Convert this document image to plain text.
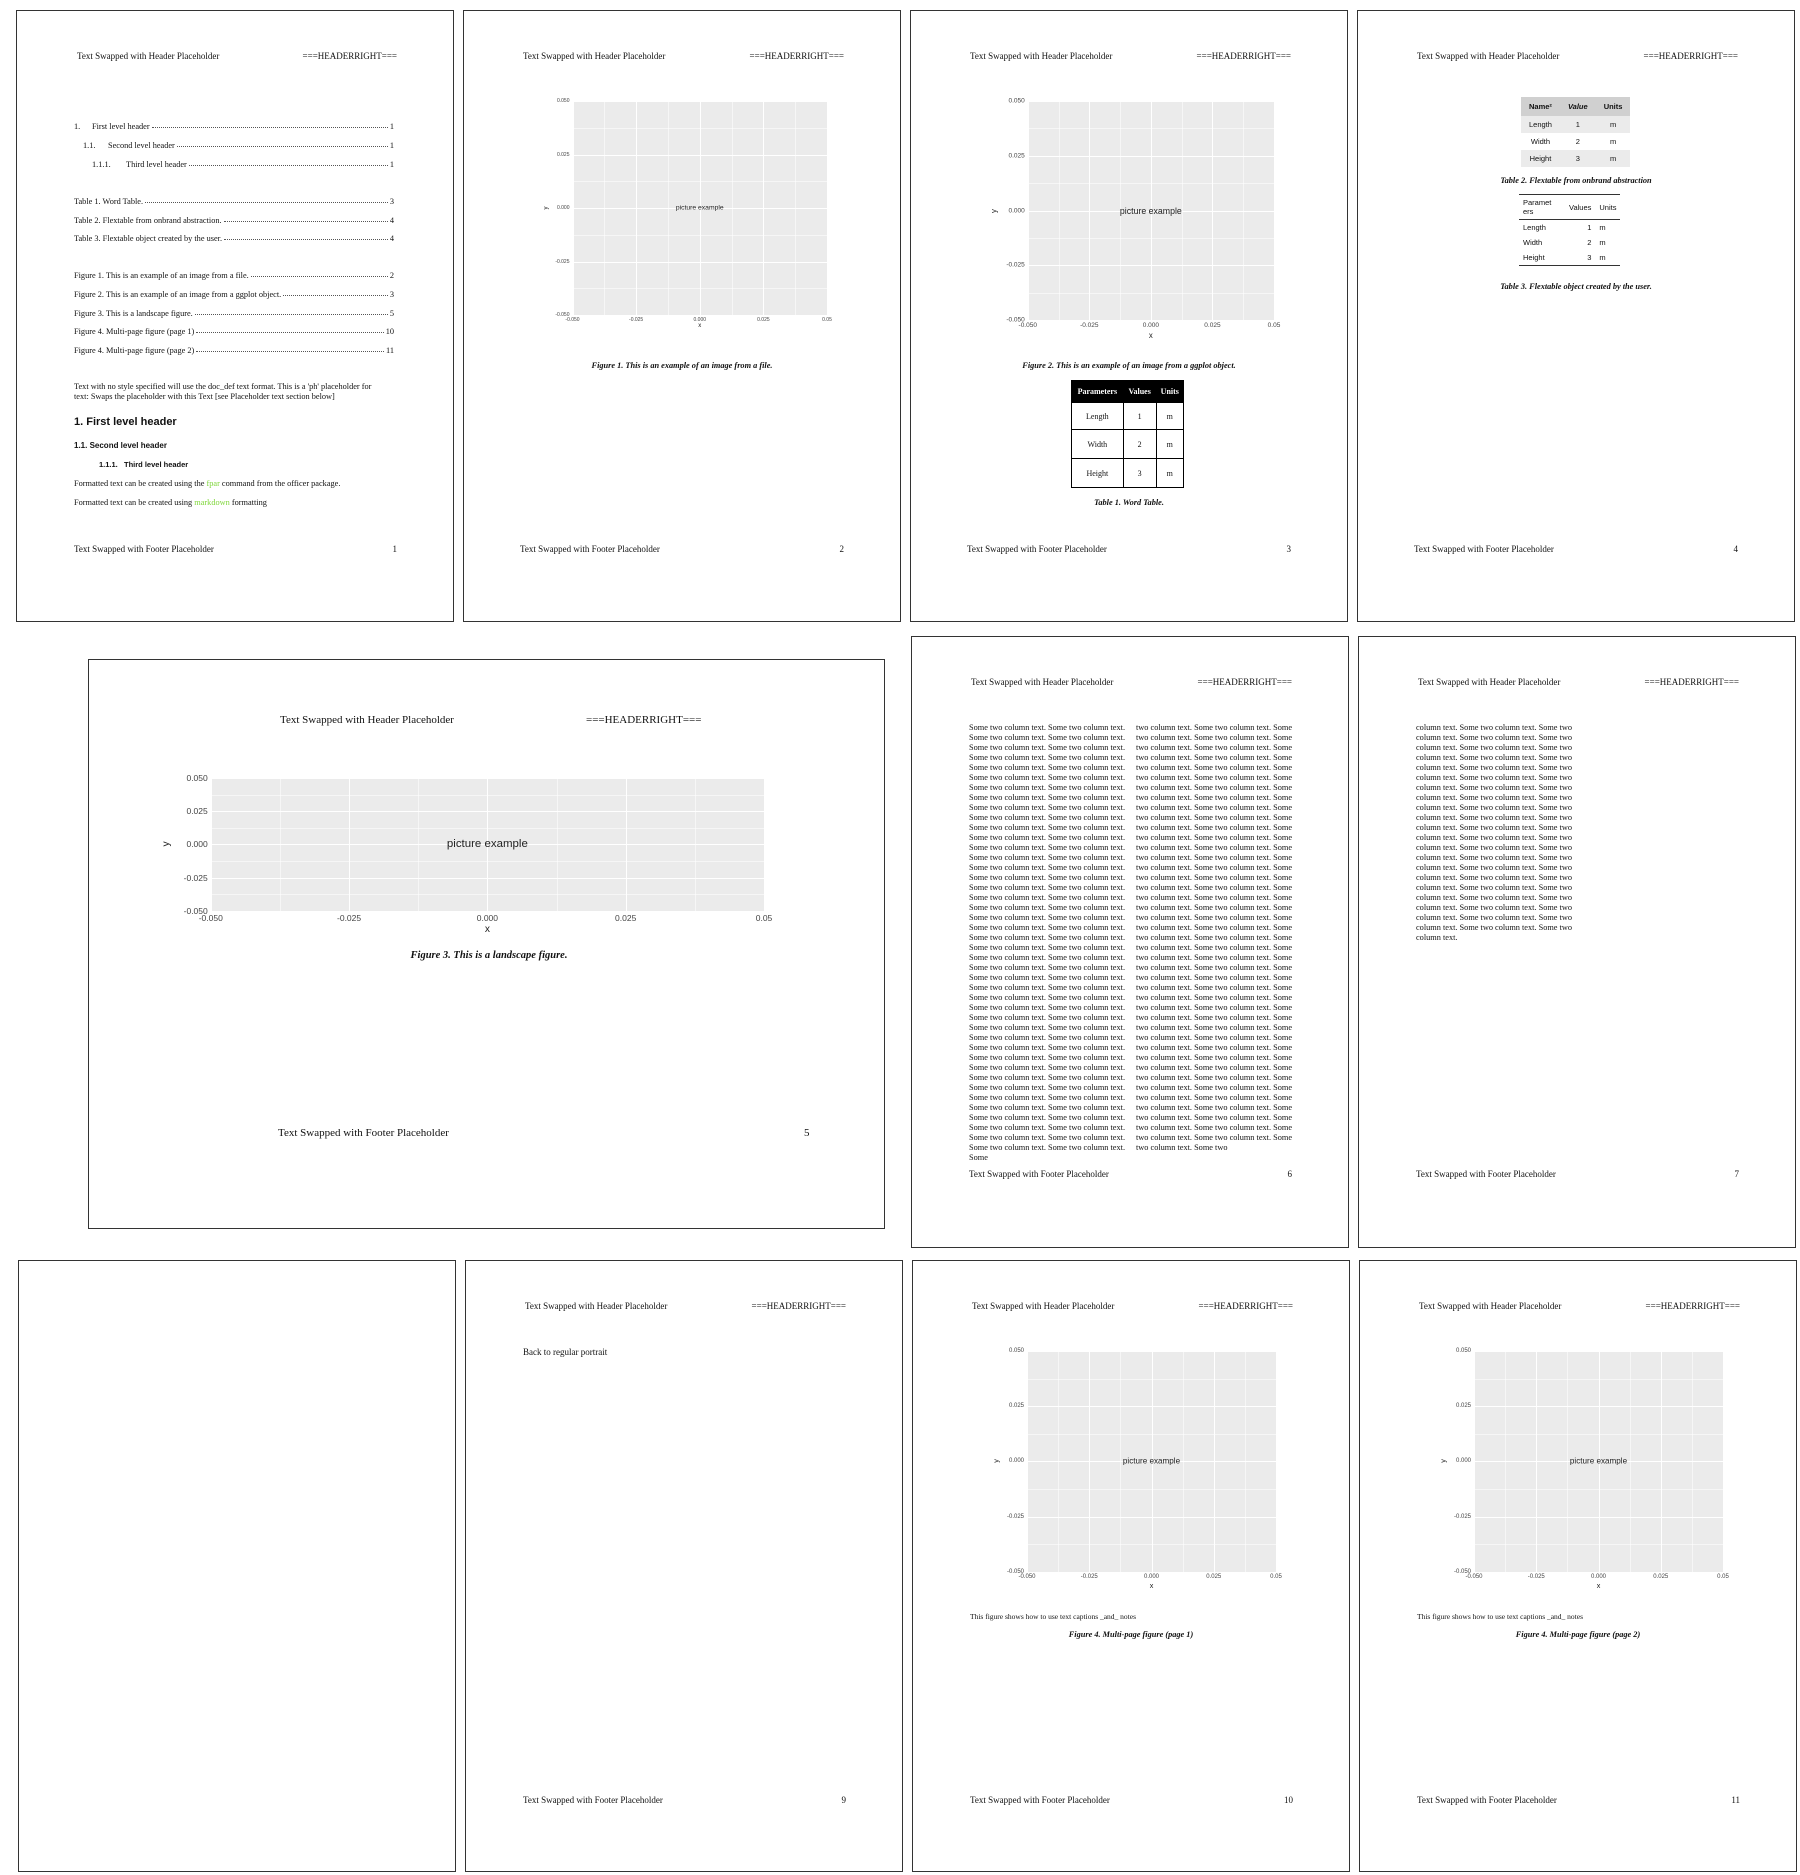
Text Swapped with Header Placeholder	===HEADERRIGHT===
1.	First level header	1
1.1.	Second level header	1
1.1.1.	Third level header	1
Table 1. Word Table.	3
Table 2. Flextable from onbrand abstraction.	4
Table 3. Flextable object created by the user.	4
Figure 1. This is an example of an image from a file.	2
Figure 2. This is an example of an image from a ggplot object.	3
Figure 3. This is a landscape figure.	5
Figure 4. Multi-page figure (page 1)	10
Figure 4. Multi-page figure (page 2)	11
Text with no style specified will use the doc_def text format. This is a 'ph' placeholder for
text: Swaps the placeholder with this Text [see Placeholder text section below]
1. First level header
1.1. Second level header
1.1.1.   Third level header
Formatted text can be created using the fpar command from the officer package.
Formatted text can be created using markdown formatting
Text Swapped with Footer Placeholder	1
Text Swapped with Header Placeholder	===HEADERRIGHT===
-0.050	-0.025	0.000	0.025	0.05
0.050
0.025
0.000
-0.025
-0.050
x
y	picture example
Figure 1. This is an example of an image from a file.
Text Swapped with Footer Placeholder	2
Text Swapped with Header Placeholder	===HEADERRIGHT===
-0.050	-0.025	0.000	0.025	0.05
0.050
0.025
0.000
-0.025
-0.050
x
y	picture example
Figure 2. This is an example of an image from a ggplot object.
Parameters	Values	Units
Length	1	m
Width	2	m
Height	3	m
Table 1. Word Table.
Text Swapped with Footer Placeholder	3
Text Swapped with Header Placeholder	===HEADERRIGHT===
Name²	Value	Units
Length	1	m
Width	2	m
Height	3	m
Table 2. Flextable from onbrand abstraction
Paramet ers	Values	Units
Length	1	m
Width	2	m
Height	3	m
Table 3. Flextable object created by the user.
Text Swapped with Footer Placeholder	4
Text Swapped with Header Placeholder	===HEADERRIGHT===
-0.050	-0.025	0.000	0.025	0.05
0.050
0.025
0.000
-0.025
-0.050
x
y	picture example
Figure 3. This is a landscape figure.
Text Swapped with Footer Placeholder	5
Text Swapped with Header Placeholder	===HEADERRIGHT===
Some two column text. Some two column text. Some two column text. Some two column text. Some two column text. Some two column text. Some two column text. Some two column text. Some two column text. Some two column text. Some two column text. Some two column text. Some two column text. Some two column text. Some two column text. Some two column text. Some two column text. Some two column text. Some two column text. Some two column text. Some two column text. Some two column text. Some two column text. Some two column text. Some two column text. Some two column text. Some two column text. Some two column text. Some two column text. Some two column text. Some two column text. Some two column text. Some two column text. Some two column text. Some two column text. Some two column text. Some two column text. Some two column text. Some two column text. Some two column text. Some two column text. Some two column text. Some two column text. Some two column text. Some two column text. Some two column text. Some two column text. Some two column text. Some two column text. Some two column text. Some two column text. Some two column text. Some two column text. Some two column text. Some two column text. Some two column text. Some two column text. Some two column text. Some two column text. Some two column text. Some two column text. Some two column text. Some two column text. Some two column text. Some two column text. Some two column text. Some two column text. Some two column text. Some two column text. Some two column text. Some two column text. Some two column text. Some two column text. Some two column text. Some two column text. Some two column text. Some two column text. Some two column text. Some two column text. Some two column text. Some two column text. Some two column text. Some two column text. Some two column text. Some two column text. Some two column text. Some
two column text. Some two column text. Some two column text. Some two column text. Some two column text. Some two column text. Some two column text. Some two column text. Some two column text. Some two column text. Some two column text. Some two column text. Some two column text. Some two column text. Some two column text. Some two column text. Some two column text. Some two column text. Some two column text. Some two column text. Some two column text. Some two column text. Some two column text. Some two column text. Some two column text. Some two column text. Some two column text. Some two column text. Some two column text. Some two column text. Some two column text. Some two column text. Some two column text. Some two column text. Some two column text. Some two column text. Some two column text. Some two column text. Some two column text. Some two column text. Some two column text. Some two column text. Some two column text. Some two column text. Some two column text. Some two column text. Some two column text. Some two column text. Some two column text. Some two column text. Some two column text. Some two column text. Some two column text. Some two column text. Some two column text. Some two column text. Some two column text. Some two column text. Some two column text. Some two column text. Some two column text. Some two column text. Some two column text. Some two column text. Some two column text. Some two column text. Some two column text. Some two column text. Some two column text. Some two column text. Some two column text. Some two column text. Some two column text. Some two column text. Some two column text. Some two column text. Some two column text. Some two column text. Some two column text. Some two column text. Some two column text. Some two column text. Some two column text. Some two column text. Some two column text. Some two
Text Swapped with Footer Placeholder	6
Text Swapped with Header Placeholder	===HEADERRIGHT===
column text. Some two column text. Some two column text. Some two column text. Some two column text. Some two column text. Some two column text. Some two column text. Some two column text. Some two column text. Some two column text. Some two column text. Some two column text. Some two column text. Some two column text. Some two column text. Some two column text. Some two column text. Some two column text. Some two column text. Some two column text. Some two column text. Some two column text. Some two column text. Some two column text. Some two column text. Some two column text. Some two column text. Some two column text. Some two column text. Some two column text. Some two column text. Some two column text. Some two column text. Some two column text. Some two column text. Some two column text. Some two column text. Some two column text. Some two column text. Some two column text. Some two column text. Some two column text.
Text Swapped with Footer Placeholder	7
Text Swapped with Header Placeholder	===HEADERRIGHT===
Back to regular portrait
Text Swapped with Footer Placeholder	9
Text Swapped with Header Placeholder	===HEADERRIGHT===
-0.050	-0.025	0.000	0.025	0.05
0.050
0.025
0.000
-0.025
-0.050
x
y	picture example
This figure shows how to use text captions _and_ notes
Figure 4. Multi-page figure (page 1)
Text Swapped with Footer Placeholder	10
Text Swapped with Header Placeholder	===HEADERRIGHT===
-0.050	-0.025	0.000	0.025	0.05
0.050
0.025
0.000
-0.025
-0.050
x
y	picture example
This figure shows how to use text captions _and_ notes
Figure 4. Multi-page figure (page 2)
Text Swapped with Footer Placeholder	11
